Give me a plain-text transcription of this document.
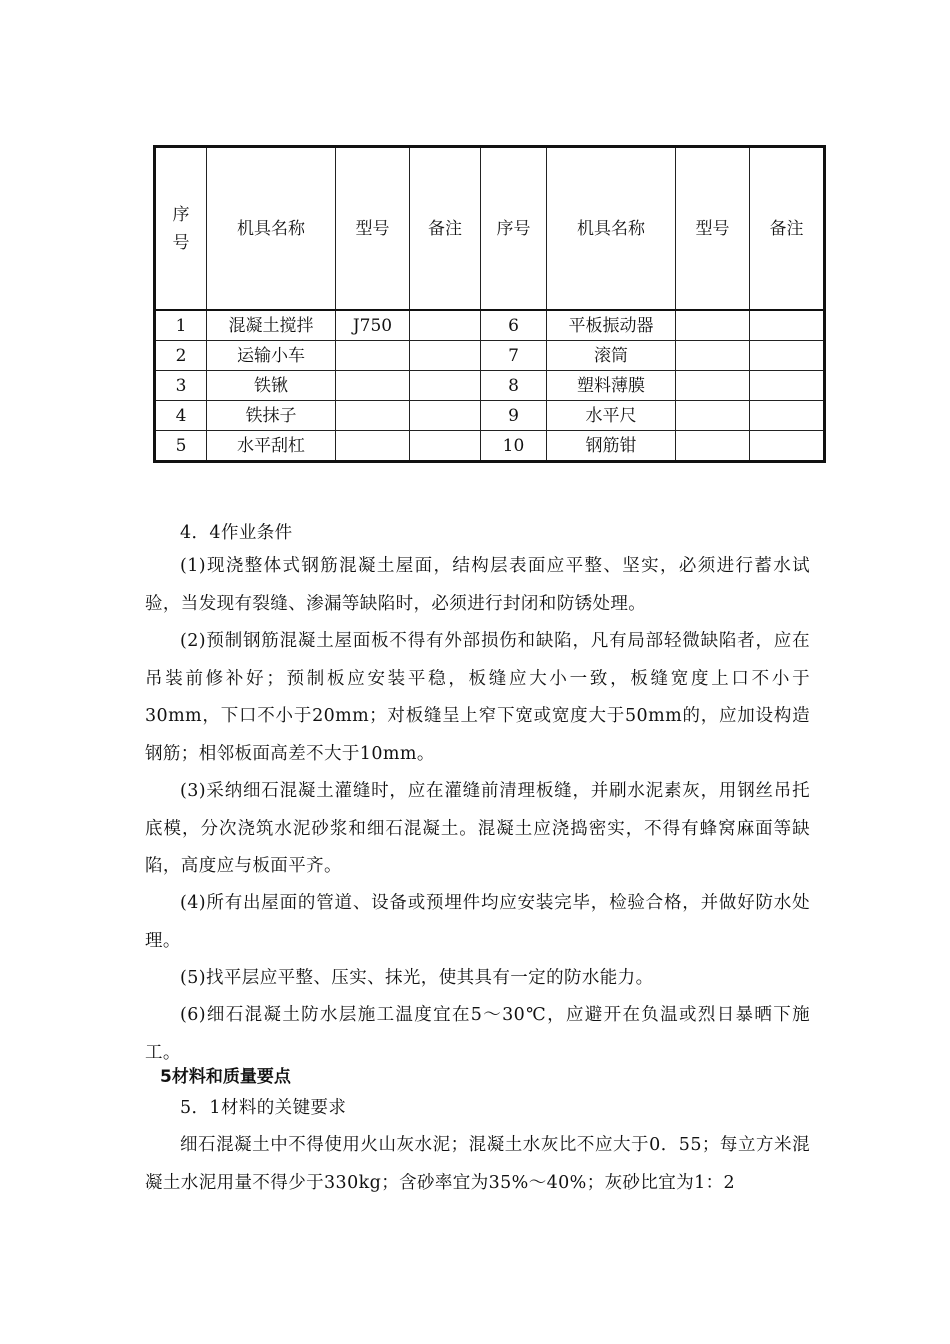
序号	机具名称	型号	备注	序号	机具名称	型号	备注
1	混凝土搅拌	J750		6	平板振动器		
2	运输小车			7	滚筒		
3	铁锹			8	塑料薄膜		
4	铁抹子			9	水平尺		
5	水平刮杠			10	钢筋钳		

4．4作业条件

(1)现浇整体式钢筋混凝土屋面，结构层表面应平整、坚实，必须进行蓄水试验，当发现有裂缝、渗漏等缺陷时，必须进行封闭和防锈处理。

(2)预制钢筋混凝土屋面板不得有外部损伤和缺陷，凡有局部轻微缺陷者，应在吊装前修补好；预制板应安装平稳，板缝应大小一致，板缝宽度上口不小于30mm，下口不小于20mm；对板缝呈上窄下宽或宽度大于50mm的，应加设构造钢筋；相邻板面高差不大于10mm。

(3)采纳细石混凝土灌缝时，应在灌缝前清理板缝，并刷水泥素灰，用钢丝吊托底模，分次浇筑水泥砂浆和细石混凝土。混凝土应浇捣密实，不得有蜂窝麻面等缺陷，高度应与板面平齐。

(4)所有出屋面的管道、设备或预埋件均应安装完毕，检验合格，并做好防水处理。

(5)找平层应平整、压实、抹光，使其具有一定的防水能力。

(6)细石混凝土防水层施工温度宜在5～30℃，应避开在负温或烈日暴晒下施工。

5材料和质量要点

5．1材料的关键要求

细石混凝土中不得使用火山灰水泥；混凝土水灰比不应大于0．55；每立方米混凝土水泥用量不得少于330kg；含砂率宜为35%～40%；灰砂比宜为1：2
